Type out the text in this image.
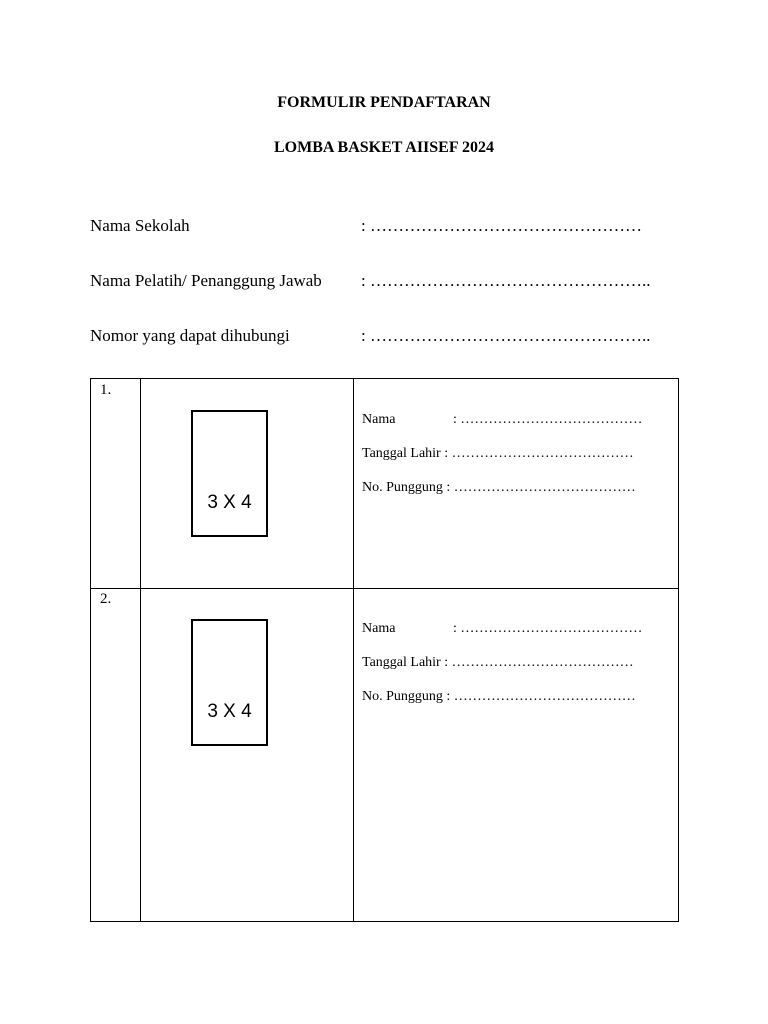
FORMULIR PENDAFTARAN
LOMBA BASKET AIISEF 2024
Nama Sekolah	: …………………………………………
Nama Pelatih/ Penanggung Jawab : …………………………………………..
Nomor yang dapat dihubungi	: …………………………………………..
1.
3 X 4
Nama	: …………………………………
Tanggal Lahir : …………………………………
No. Punggung : …………………………………
2.
3 X 4
Nama	: …………………………………
Tanggal Lahir : …………………………………
No. Punggung : …………………………………
